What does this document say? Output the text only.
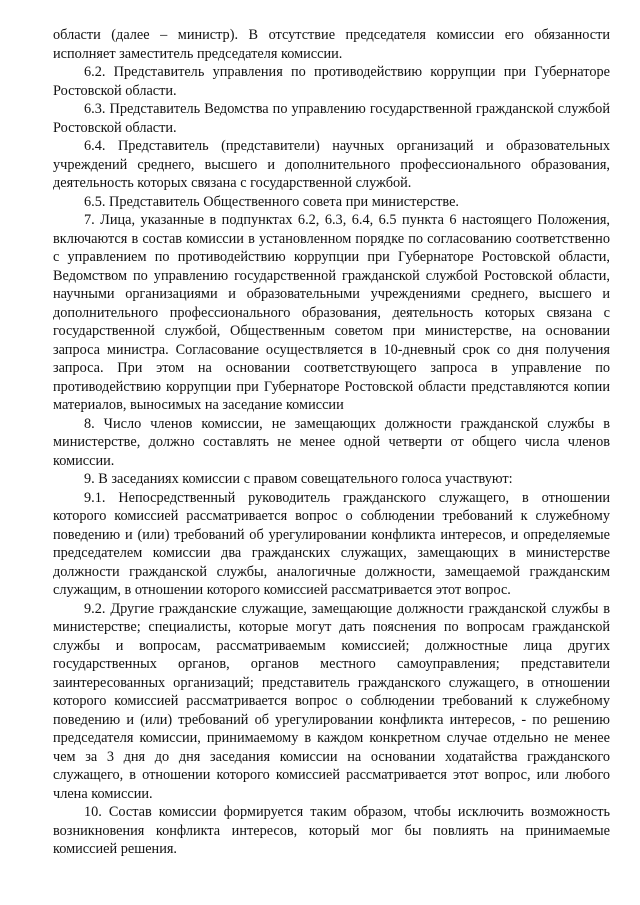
области (далее – министр). В отсутствие председателя комиссии его обязанности исполняет заместитель председателя комиссии.

6.2. Представитель управления по противодействию коррупции при Губернаторе Ростовской области.

6.3. Представитель Ведомства по управлению государственной гражданской службой Ростовской области.

6.4. Представитель (представители) научных организаций и образовательных учреждений среднего, высшего и дополнительного профессионального образования, деятельность которых связана с государственной службой.

6.5. Представитель Общественного совета при министерстве.

7. Лица, указанные в подпунктах 6.2, 6.3, 6.4, 6.5 пункта 6 настоящего Положения, включаются в состав комиссии в установленном порядке по согласованию соответственно с управлением по противодействию коррупции при Губернаторе Ростовской области, Ведомством по управлению государственной гражданской службой Ростовской области, научными организациями и образовательными учреждениями среднего, высшего и дополнительного профессионального образования, деятельность которых связана с государственной службой, Общественным советом при министерстве, на основании запроса министра. Согласование осуществляется в 10-дневный срок со дня получения запроса. При этом на основании соответствующего запроса в управление по противодействию коррупции при Губернаторе Ростовской области представляются копии материалов, выносимых на заседание комиссии

8. Число членов комиссии, не замещающих должности гражданской службы в министерстве, должно составлять не менее одной четверти от общего числа членов комиссии.

9. В заседаниях комиссии с правом совещательного голоса участвуют:

9.1. Непосредственный руководитель гражданского служащего, в отношении которого комиссией рассматривается вопрос о соблюдении требований к служебному поведению и (или) требований об урегулировании конфликта интересов, и определяемые председателем комиссии два гражданских служащих, замещающих в министерстве должности гражданской службы, аналогичные должности, замещаемой гражданским служащим, в отношении которого комиссией рассматривается этот вопрос.

9.2. Другие гражданские служащие, замещающие должности гражданской службы в министерстве; специалисты, которые могут дать пояснения по вопросам гражданской службы и вопросам, рассматриваемым комиссией; должностные лица других государственных органов, органов местного самоуправления; представители заинтересованных организаций; представитель гражданского служащего, в отношении которого комиссией рассматривается вопрос о соблюдении требований к служебному поведению и (или) требований об урегулировании конфликта интересов, - по решению председателя комиссии, принимаемому в каждом конкретном случае отдельно не менее чем за 3 дня до дня заседания комиссии на основании ходатайства гражданского служащего, в отношении которого комиссией рассматривается этот вопрос, или любого члена комиссии.

10. Состав комиссии формируется таким образом, чтобы исключить возможность возникновения конфликта интересов, который мог бы повлиять на принимаемые комиссией решения.
